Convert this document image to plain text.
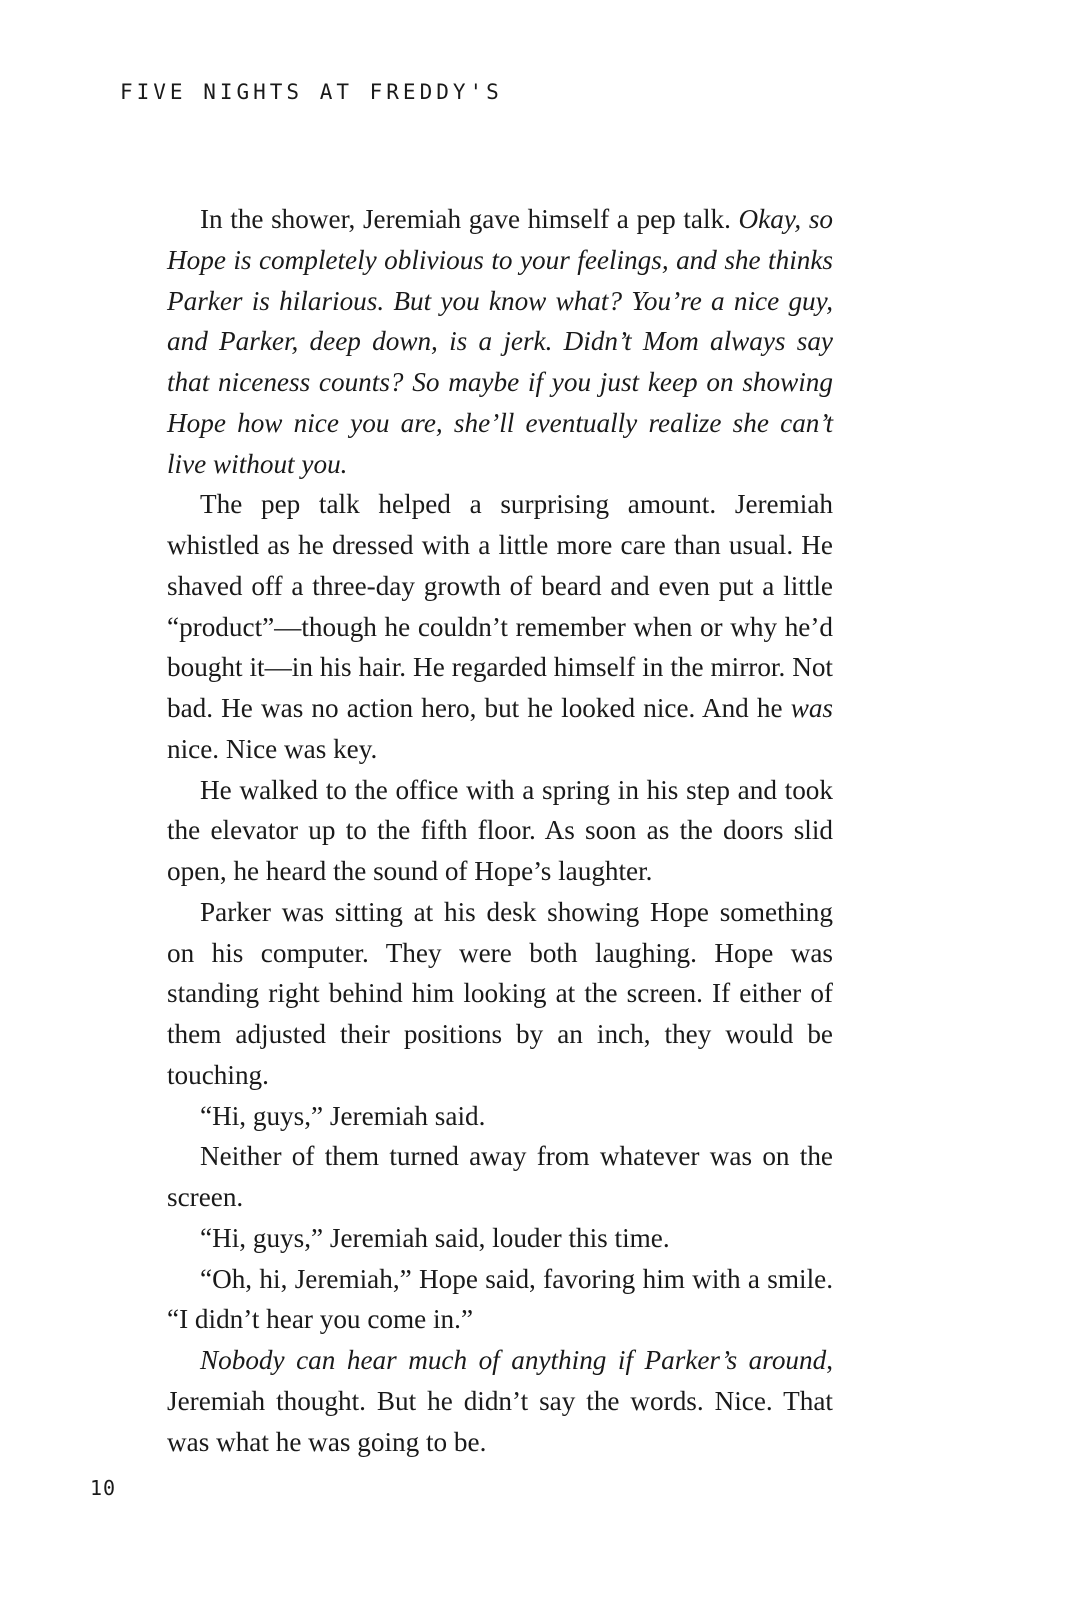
FIVE NIGHTS AT FREDDY'S

In the shower, Jeremiah gave himself a pep talk. Okay, so Hope is completely oblivious to your feelings, and she thinks Parker is hilarious. But you know what? You’re a nice guy, and Parker, deep down, is a jerk. Didn’t Mom always say that niceness counts? So maybe if you just keep on showing Hope how nice you are, she’ll eventually realize she can’t live without you.

The pep talk helped a surprising amount. Jeremiah whistled as he dressed with a little more care than usual. He shaved off a three-day growth of beard and even put a little “product”—though he couldn’t remember when or why he’d bought it—in his hair. He regarded himself in the mirror. Not bad. He was no action hero, but he looked nice. And he was nice. Nice was key.

He walked to the office with a spring in his step and took the elevator up to the fifth floor. As soon as the doors slid open, he heard the sound of Hope’s laughter.

Parker was sitting at his desk showing Hope something on his computer. They were both laughing. Hope was standing right behind him looking at the screen. If either of them adjusted their positions by an inch, they would be touching.

“Hi, guys,” Jeremiah said.

Neither of them turned away from whatever was on the screen.

“Hi, guys,” Jeremiah said, louder this time.

“Oh, hi, Jeremiah,” Hope said, favoring him with a smile. “I didn’t hear you come in.”

Nobody can hear much of anything if Parker’s around, Jeremiah thought. But he didn’t say the words. Nice. That was what he was going to be.

10
